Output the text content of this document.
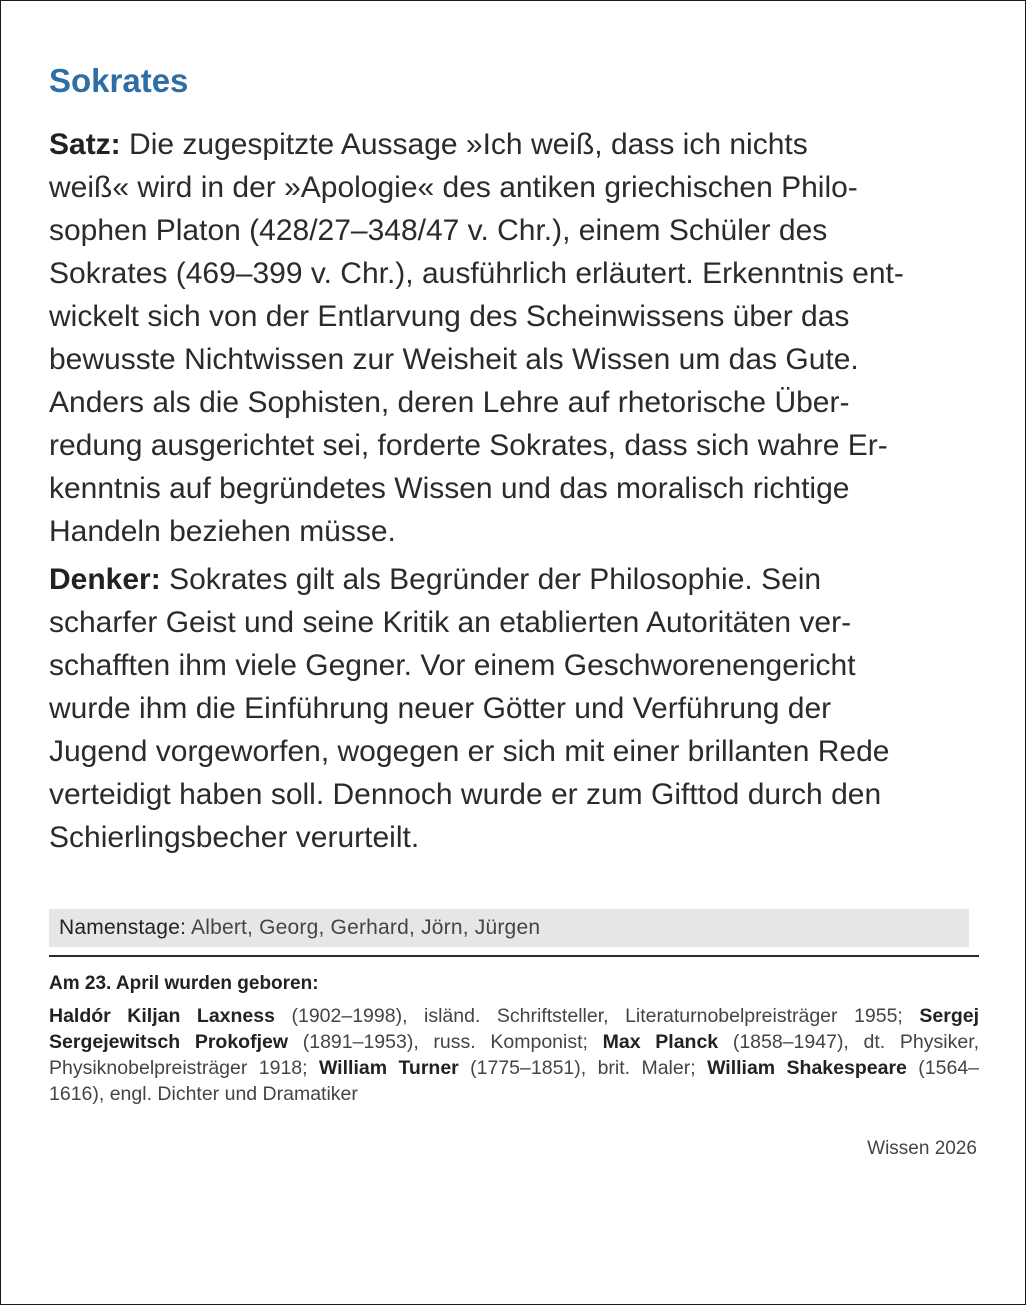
Sokrates

Satz: Die zugespitzte Aussage »Ich weiß, dass ich nichts
weiß« wird in der »Apologie« des antiken griechischen Philo-
sophen Platon (428/27–348/47 v. Chr.), einem Schüler des
Sokrates (469–399 v. Chr.), ausführlich erläutert. Erkenntnis ent-
wickelt sich von der Entlarvung des Scheinwissens über das
bewusste Nichtwissen zur Weisheit als Wissen um das Gute.
Anders als die Sophisten, deren Lehre auf rhetorische Über-
redung ausgerichtet sei, forderte Sokrates, dass sich wahre Er-
kenntnis auf begründetes Wissen und das moralisch richtige
Handeln beziehen müsse.

Denker: Sokrates gilt als Begründer der Philosophie. Sein
scharfer Geist und seine Kritik an etablierten Autoritäten ver-
schafften ihm viele Gegner. Vor einem Geschworenengericht
wurde ihm die Einführung neuer Götter und Verführung der
Jugend vorgeworfen, wogegen er sich mit einer brillanten Rede
verteidigt haben soll. Dennoch wurde er zum Gifttod durch den
Schierlingsbecher verurteilt.

Namenstage: Albert, Georg, Gerhard, Jörn, Jürgen
Am 23. April wurden geboren:
Haldór Kiljan Laxness (1902–1998), isländ. Schriftsteller, Literaturnobelpreisträger 1955; Sergej Sergejewitsch Prokofjew (1891–1953), russ. Komponist; Max Planck (1858–1947), dt. Physiker, Physiknobelpreisträger 1918; William Turner (1775–1851), brit. Maler; William Shakespeare (1564–1616), engl. Dichter und Dramatiker
Wissen 2026
